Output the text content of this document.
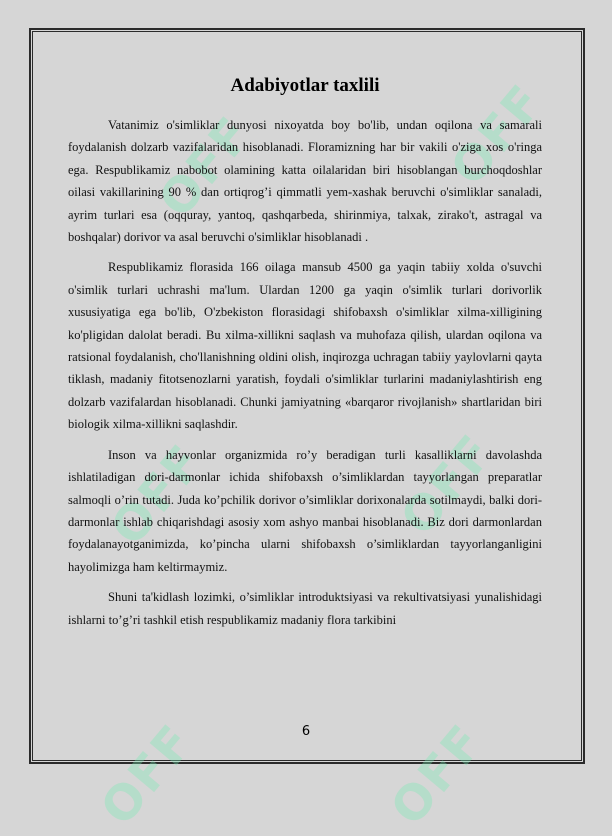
OFF	OFF
OFF	OFF
OFF	OFF
Adabiyotlar taxlili

Vatanimiz o'simliklar dunyosi nixoyatda boy bo'lib, undan oqilona va samarali foydalanish dolzarb vazifalaridan hisoblanadi. Floramizning har bir vakili o'ziga xos o'ringa ega. Respublikamiz nabobot olamining katta oilalaridan biri hisoblangan burchoqdoshlar oilasi vakillarining 90 % dan ortiqrog’i qimmatli yem-xashak beruvchi o'simliklar sanaladi, ayrim turlari esa (oqquray, yantoq, qashqarbeda, shirinmiya, talxak, zirako't, astragal va boshqalar) dorivor va asal beruvchi o'simliklar hisoblanadi .

Respublikamiz florasida 166 oilaga mansub 4500 ga yaqin tabiiy xolda o'suvchi o'simlik turlari uchrashi ma'lum. Ulardan 1200 ga yaqin o'simlik turlari dorivorlik xususiyatiga ega bo'lib, O'zbekiston florasidagi shifobaxsh o'simliklar xilma-xilligining ko'pligidan dalolat beradi. Bu xilma-xillikni saqlash va muhofaza qilish, ulardan oqilona va ratsional foydalanish, cho'llanishning oldini olish, inqirozga uchragan tabiiy yaylovlarni qayta tiklash, madaniy fitotsenozlarni yaratish, foydali o'simliklar turlarini madaniylashtirish eng dolzarb vazifalardan hisoblanadi. Chunki jamiyatning «barqaror rivojlanish» shartlaridan biri biologik xilma-xillikni saqlashdir.

Inson va hayvonlar organizmida ro’y beradigan turli kasalliklarni davolashda ishlatiladigan dori-darmonlar ichida shifobaxsh o’simliklardan tayyorlangan preparatlar salmoqli o’rin tutadi. Juda ko’pchilik dorivor o’simliklar dorixonalarda sotilmaydi, balki dori-darmonlar ishlab chiqarishdagi asosiy xom ashyo manbai hisoblanadi. Biz dori darmonlardan foydalanayotganimizda, ko’pincha ularni shifobaxsh o’simliklardan tayyorlanganligini hayolimizga ham keltirmaymiz.

Shuni ta'kidlash lozimki, o’simliklar introduktsiyasi va rekultivatsiyasi yunalishidagi ishlarni to’g’ri tashkil etish respublikamiz madaniy flora tarkibini

6
